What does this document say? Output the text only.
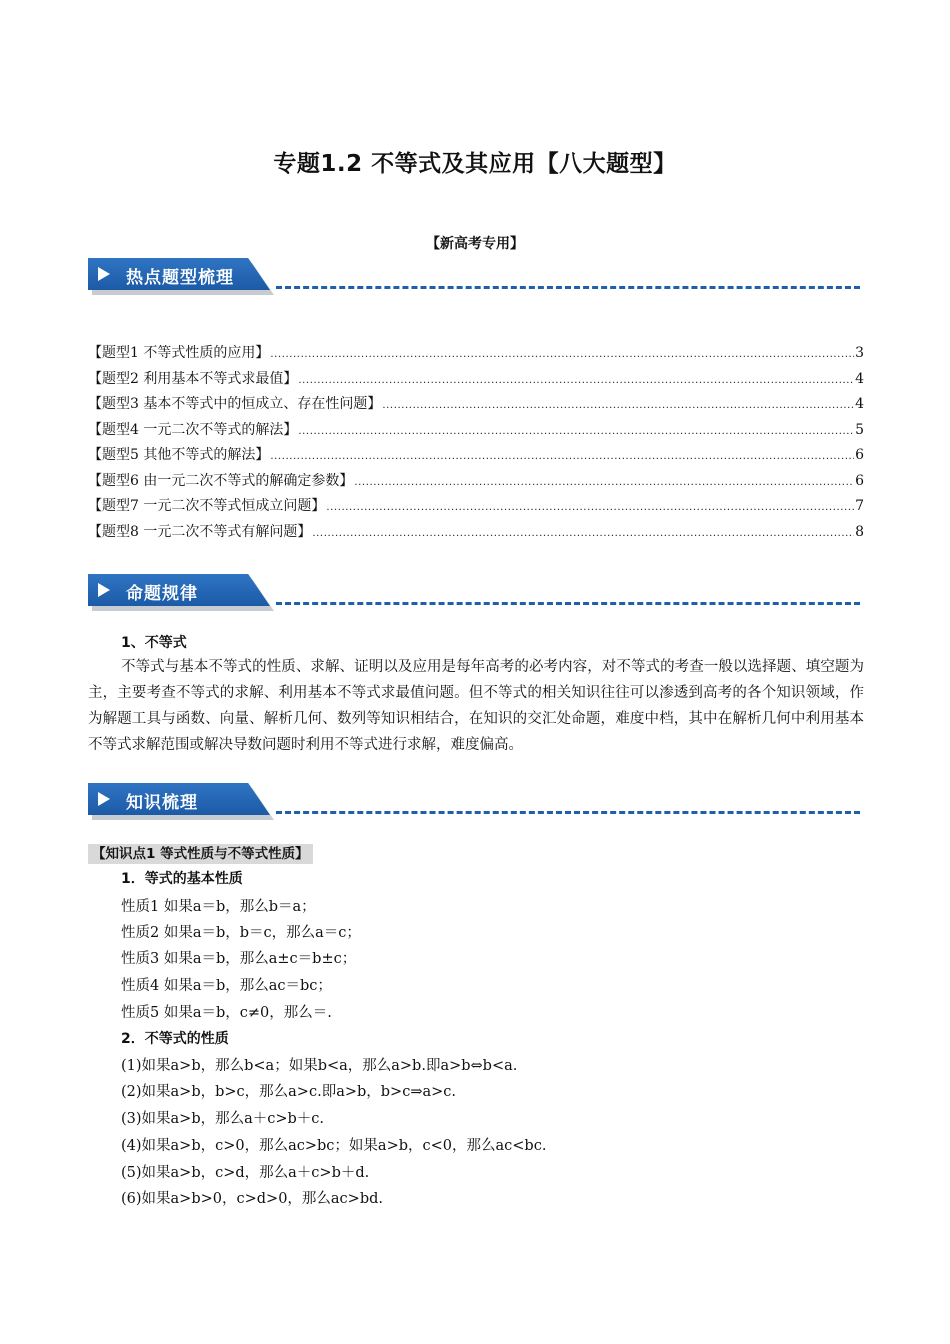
专题1.2 不等式及其应用【八大题型】
【新高考专用】
热点题型梳理
【题型1 不等式性质的应用】 .....	3
【题型2 利用基本不等式求最值】 .....	4
【题型3 基本不等式中的恒成立、存在性问题】 .....	4
【题型4 一元二次不等式的解法】 .....	5
【题型5 其他不等式的解法】 .....	6
【题型6 由一元二次不等式的解确定参数】 .....	6
【题型7 一元二次不等式恒成立问题】 .....	7
【题型8 一元二次不等式有解问题】 .....	8
命题规律
1、不等式
不等式与基本不等式的性质、求解、证明以及应用是每年高考的必考内容，对不等式的考查一般以选择题、填空题为主，主要考查不等式的求解、利用基本不等式求最值问题。但不等式的相关知识往往可以渗透到高考的各个知识领域，作为解题工具与函数、向量、解析几何、数列等知识相结合，在知识的交汇处命题，难度中档，其中在解析几何中利用基本不等式求解范围或解决导数问题时利用不等式进行求解，难度偏高。
知识梳理
【知识点1 等式性质与不等式性质】
1．等式的基本性质
性质1 如果a＝b，那么b＝a；
性质2 如果a＝b，b＝c，那么a＝c；
性质3 如果a＝b，那么a±c＝b±c；
性质4 如果a＝b，那么ac＝bc；
性质5 如果a＝b，c≠0，那么＝.
2．不等式的性质
(1)如果a>b，那么b<a；如果b<a，那么a>b.即a>b⇔b<a.
(2)如果a>b，b>c，那么a>c.即a>b，b>c⇒a>c.
(3)如果a>b，那么a＋c>b＋c.
(4)如果a>b，c>0，那么ac>bc；如果a>b，c<0，那么ac<bc.
(5)如果a>b，c>d，那么a＋c>b＋d.
(6)如果a>b>0，c>d>0，那么ac>bd.
